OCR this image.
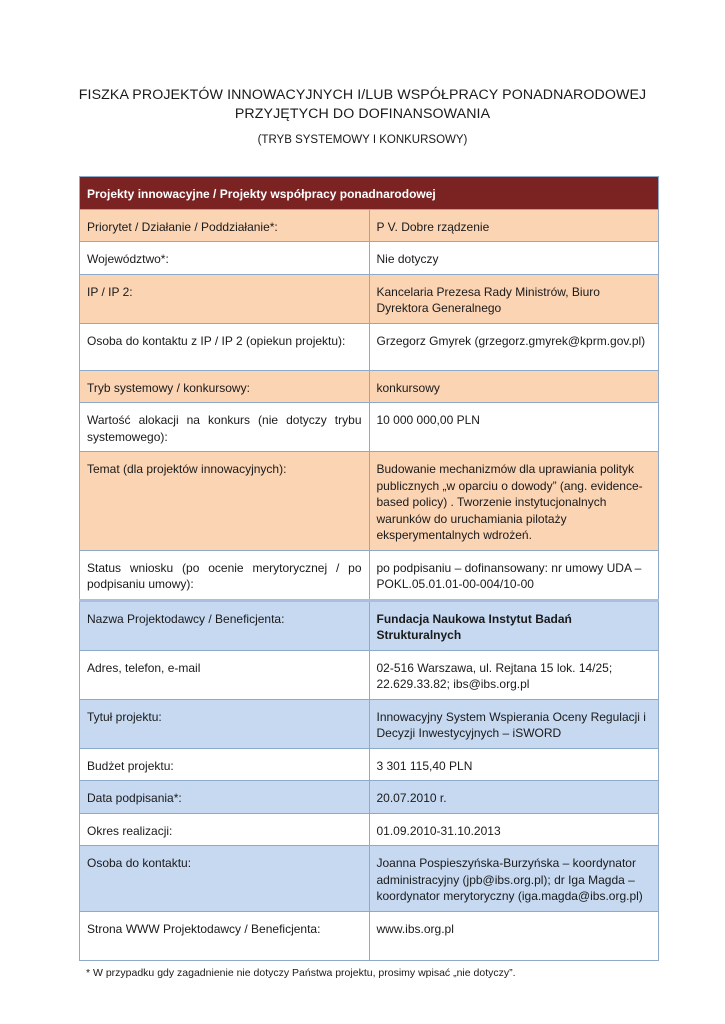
FISZKA PROJEKTÓW INNOWACYJNYCH I/LUB WSPÓŁPRACY PONADNARODOWEJ
PRZYJĘTYCH DO DOFINANSOWANIA
(TRYB SYSTEMOWY I KONKURSOWY)
Projekty innowacyjne / Projekty współpracy ponadnarodowej	
Priorytet / Działanie / Poddziałanie*:	P V. Dobre rządzenie
Województwo*:	Nie dotyczy
IP / IP 2:	Kancelaria Prezesa Rady Ministrów, Biuro Dyrektora Generalnego
Osoba do kontaktu z IP / IP 2 (opiekun projektu):	Grzegorz Gmyrek (grzegorz.gmyrek@kprm.gov.pl)
Tryb systemowy / konkursowy:	konkursowy
Wartość alokacji na konkurs (nie dotyczy trybu systemowego):	10 000 000,00 PLN
Temat (dla projektów innowacyjnych):	Budowanie mechanizmów dla uprawiania polityk publicznych „w oparciu o dowody” (ang. evidence-based policy) . Tworzenie instytucjonalnych warunków do uruchamiania pilotaży eksperymentalnych wdrożeń.
Status wniosku (po ocenie merytorycznej / po podpisaniu umowy):	po podpisaniu – dofinansowany: nr umowy UDA – POKL.05.01.01-00-004/10-00
Nazwa Projektodawcy / Beneficjenta:	Fundacja Naukowa Instytut Badań Strukturalnych
Adres, telefon, e-mail	02-516 Warszawa, ul. Rejtana 15 lok. 14/25; 22.629.33.82; ibs@ibs.org.pl
Tytuł projektu:	Innowacyjny System Wspierania Oceny Regulacji i Decyzji Inwestycyjnych – iSWORD
Budżet projektu:	3 301 115,40 PLN
Data podpisania*:	20.07.2010 r.
Okres realizacji:	01.09.2010-31.10.2013
Osoba do kontaktu:	Joanna Pospieszyńska-Burzyńska – koordynator administracyjny (jpb@ibs.org.pl); dr Iga Magda – koordynator merytoryczny (iga.magda@ibs.org.pl)
Strona WWW Projektodawcy / Beneficjenta:	www.ibs.org.pl
* W przypadku gdy zagadnienie nie dotyczy Państwa projektu, prosimy wpisać „nie dotyczy”.
